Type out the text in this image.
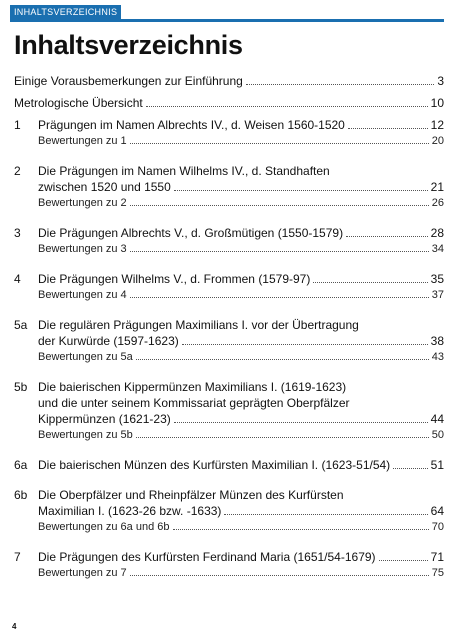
INHALTSVERZEICHNIS
Inhaltsverzeichnis
Einige Vorausbemerkungen zur Einführung	3
Metrologische Übersicht	10
1 Prägungen im Namen Albrechts IV., d. Weisen 1560-1520	12
Bewertungen zu 1	20
2 Die Prägungen im Namen Wilhelms IV., d. Standhaften
zwischen 1520 und 1550	21
Bewertungen zu 2	26
3 Die Prägungen Albrechts V., d. Großmütigen (1550-1579)	28
Bewertungen zu 3	34
4 Die Prägungen Wilhelms V., d. Frommen (1579-97)	35
Bewertungen zu 4	37
5a Die regulären Prägungen Maximilians I. vor der Übertragung
der Kurwürde (1597-1623)	38
Bewertungen zu 5a	43
5b Die baierischen Kippermünzen Maximilians I. (1619-1623)
und die unter seinem Kommissariat geprägten Oberpfälzer
Kippermünzen (1621-23)	44
Bewertungen zu 5b	50
6a Die baierischen Münzen des Kurfürsten Maximilian I. (1623-51/54)	51
6b Die Oberpfälzer und Rheinpfälzer Münzen des Kurfürsten
Maximilian I. (1623-26 bzw. -1633)	64
Bewertungen zu 6a und 6b	70
7 Die Prägungen des Kurfürsten Ferdinand Maria (1651/54-1679)	71
Bewertungen zu 7	75
4
